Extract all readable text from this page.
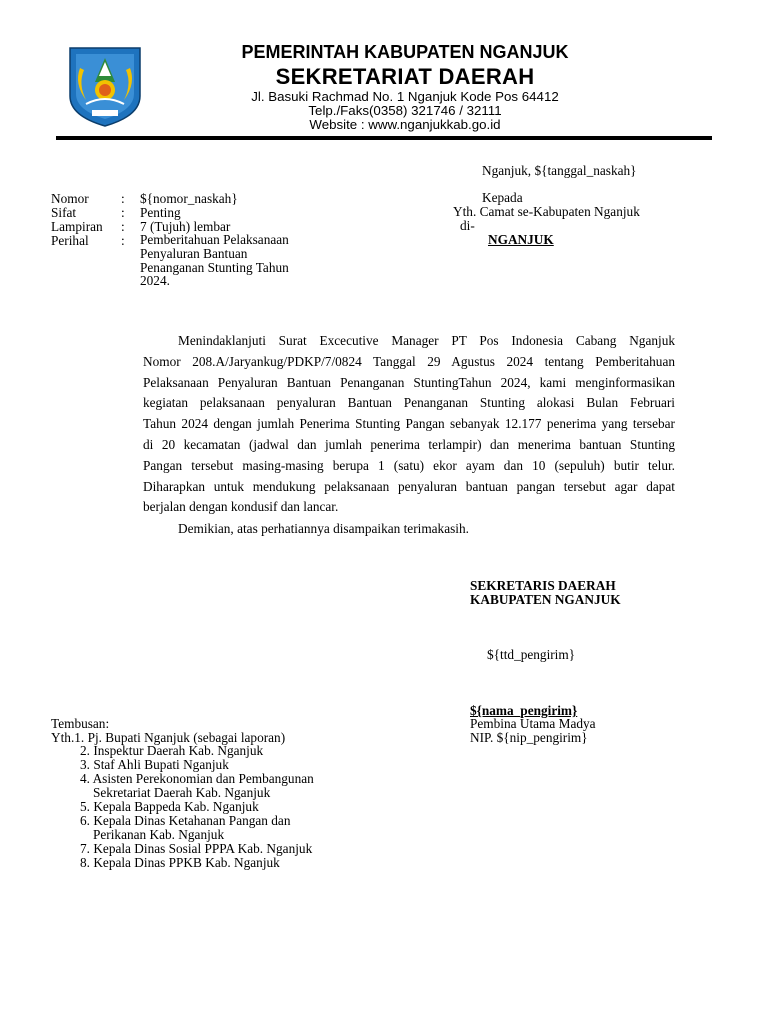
PEMERINTAH KABUPATEN NGANJUK
SEKRETARIAT DAERAH
Jl. Basuki Rachmad No. 1 Nganjuk Kode Pos 64412
Telp./Faks(0358) 321746 / 32111
Website : www.nganjukkab.go.id
Nganjuk, ${tanggal_naskah}
Nomor : ${nomor_naskah}
Sifat	: Penting
Lampiran : 7 (Tujuh) lembar
Perihal : Pemberitahuan Pelaksanaan
Penyaluran Bantuan
Penanganan Stunting Tahun
2024.
Kepada
Yth. Camat se-Kabupaten Nganjuk
di-
NGANJUK
Menindaklanjuti Surat Excecutive Manager PT Pos Indonesia Cabang Nganjuk
Nomor 208.A/Jaryankug/PDKP/7/0824 Tanggal 29 Agustus 2024 tentang Pemberitahuan
Pelaksanaan Penyaluran Bantuan Penanganan StuntingTahun 2024, kami menginformasikan
kegiatan pelaksanaan penyaluran Bantuan Penanganan Stunting alokasi Bulan Februari
Tahun 2024 dengan jumlah Penerima Stunting Pangan sebanyak 12.177 penerima yang tersebar
di 20 kecamatan (jadwal dan jumlah penerima terlampir) dan menerima bantuan Stunting
Pangan tersebut masing-masing berupa 1 (satu) ekor ayam dan 10 (sepuluh) butir telur.
Diharapkan untuk mendukung pelaksanaan penyaluran bantuan pangan tersebut agar dapat
berjalan dengan kondusif dan lancar.
Demikian, atas perhatiannya disampaikan terimakasih.
SEKRETARIS DAERAH
KABUPATEN NGANJUK
${ttd_pengirim}
${nama_pengirim}
Pembina Utama Madya
NIP. ${nip_pengirim}
Tembusan:
Yth.1. Pj. Bupati Nganjuk (sebagai laporan)
2. Inspektur Daerah Kab. Nganjuk
3. Staf Ahli Bupati Nganjuk
4. Asisten Perekonomian dan Pembangunan
Sekretariat Daerah Kab. Nganjuk
5. Kepala Bappeda Kab. Nganjuk
6. Kepala Dinas Ketahanan Pangan dan
Perikanan Kab. Nganjuk
7. Kepala Dinas Sosial PPPA Kab. Nganjuk
8. Kepala Dinas PPKB Kab. Nganjuk
